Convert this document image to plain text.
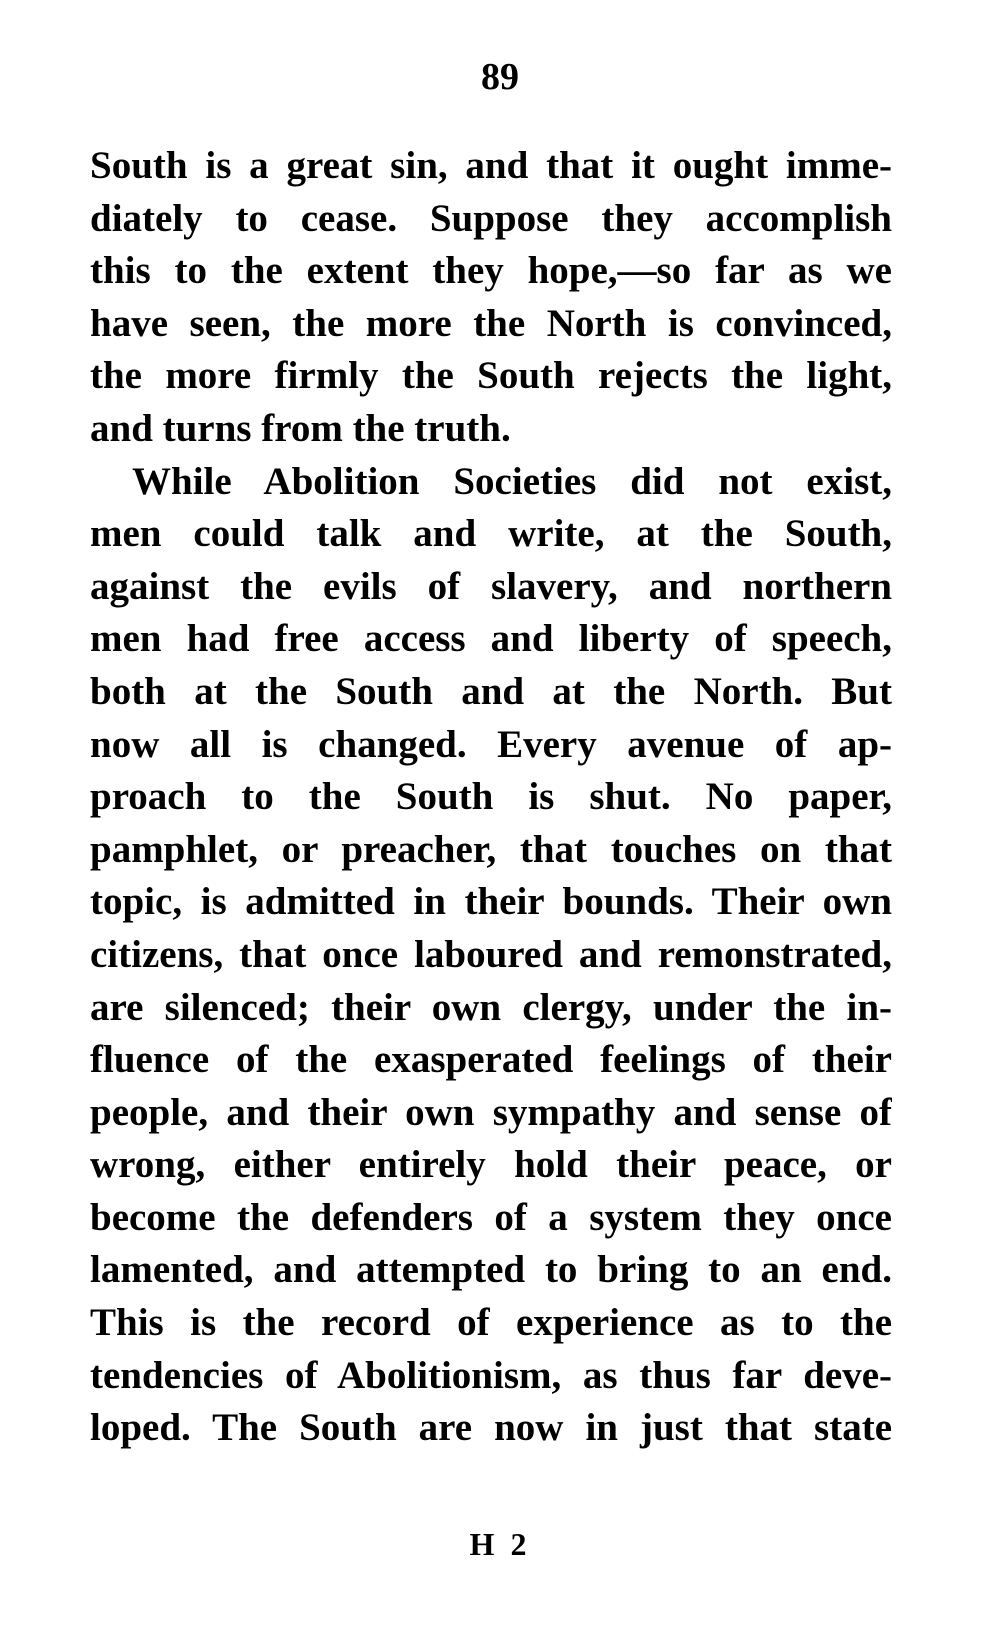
89
South is a great sin, and that it ought imme-
diately to cease. Suppose they accomplish
this to the extent they hope,—so far as we
have seen, the more the North is convinced,
the more firmly the South rejects the light,
and turns from the truth.
While Abolition Societies did not exist,
men could talk and write, at the South,
against the evils of slavery, and northern
men had free access and liberty of speech,
both at the South and at the North. But
now all is changed. Every avenue of ap-
proach to the South is shut. No paper,
pamphlet, or preacher, that touches on that
topic, is admitted in their bounds. Their own
citizens, that once laboured and remonstrated,
are silenced; their own clergy, under the in-
fluence of the exasperated feelings of their
people, and their own sympathy and sense of
wrong, either entirely hold their peace, or
become the defenders of a system they once
lamented, and attempted to bring to an end.
This is the record of experience as to the
tendencies of Abolitionism, as thus far deve-
loped. The South are now in just that state
H 2
